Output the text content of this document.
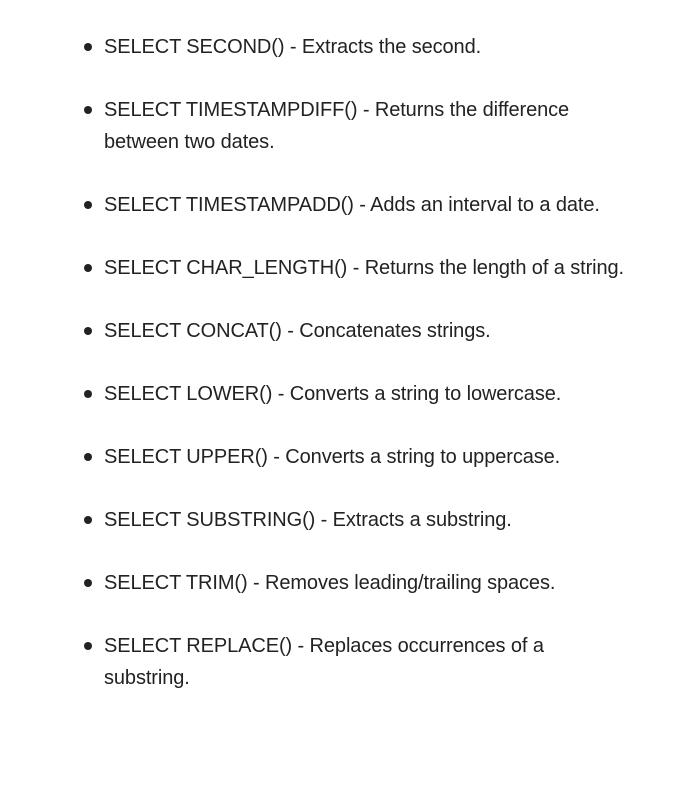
SELECT SECOND() - Extracts the second.
SELECT TIMESTAMPDIFF() - Returns the difference between two dates.
SELECT TIMESTAMPADD() - Adds an interval to a date.
SELECT CHAR_LENGTH() - Returns the length of a string.
SELECT CONCAT() - Concatenates strings.
SELECT LOWER() - Converts a string to lowercase.
SELECT UPPER() - Converts a string to uppercase.
SELECT SUBSTRING() - Extracts a substring.
SELECT TRIM() - Removes leading/trailing spaces.
SELECT REPLACE() - Replaces occurrences of a substring.
